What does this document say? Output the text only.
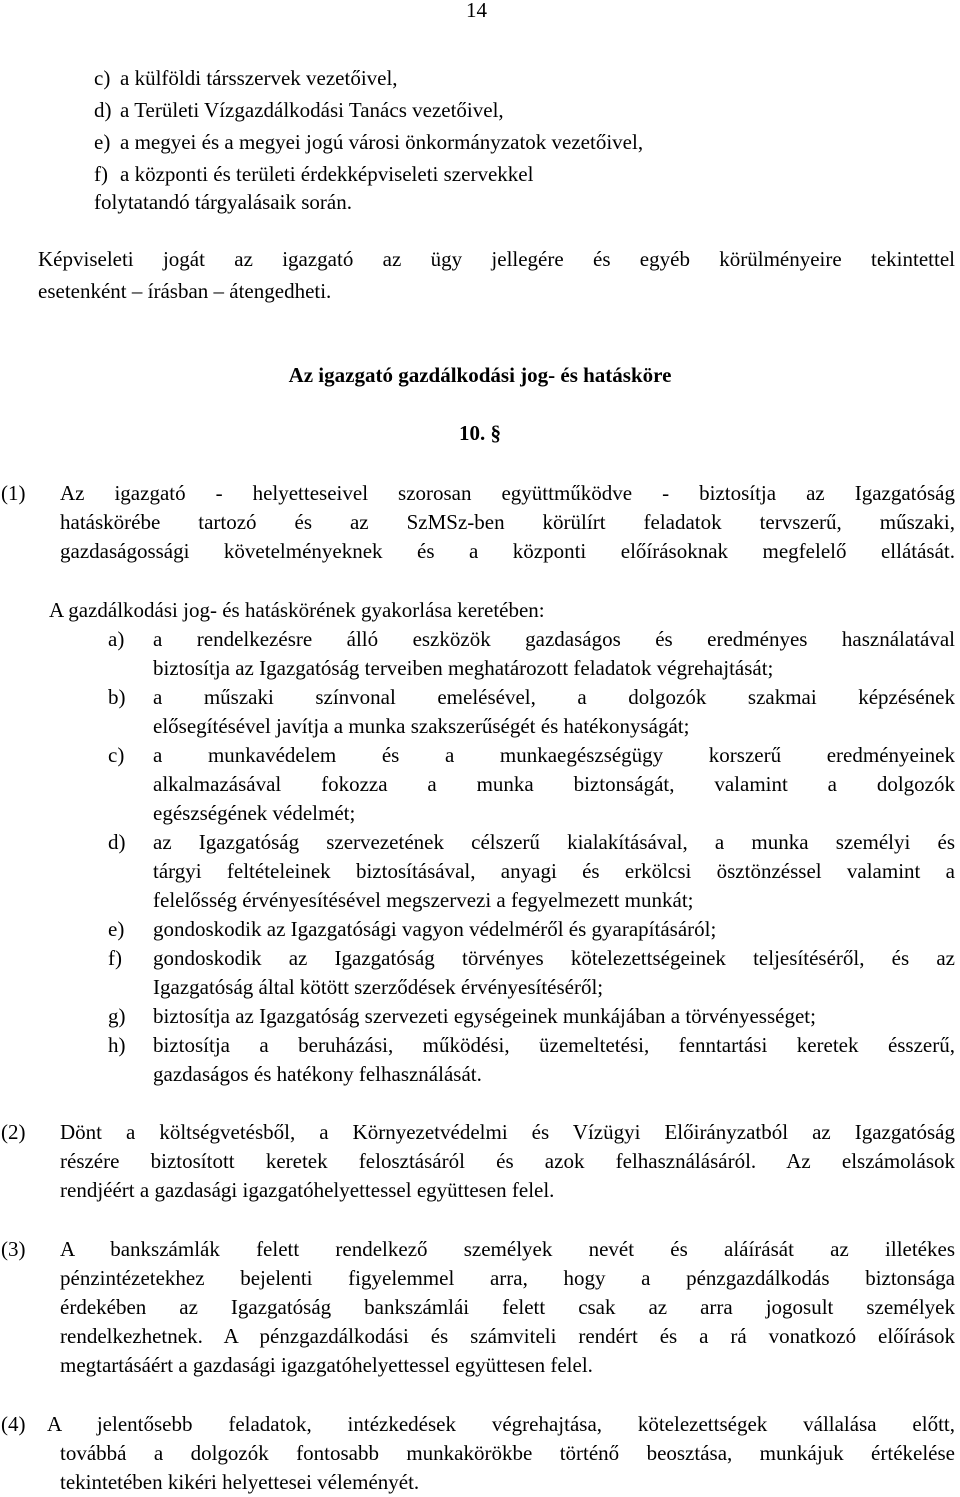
14
c) a külföldi társszervek vezetőivel,
d) a Területi Vízgazdálkodási Tanács vezetőivel,
e) a megyei és a megyei jogú városi önkormányzatok vezetőivel,
f) a központi és területi érdekképviseleti szervekkel
folytatandó tárgyalásaik során.
Képviseleti jogát az igazgató az ügy jellegére és egyéb körülményeire tekintettel
esetenként – írásban – átengedheti.
Az igazgató gazdálkodási jog- és hatásköre
10. §
(1) Az igazgató - helyetteseivel szorosan együttműködve - biztosítja az Igazgatóság
hatáskörébe tartozó és az SzMSz-ben körülírt feladatok tervszerű, műszaki,
gazdaságossági követelményeknek és a központi előírásoknak megfelelő ellátását.
A gazdálkodási jog- és hatáskörének gyakorlása keretében:
a) a rendelkezésre álló eszközök gazdaságos és eredményes használatával
biztosítja az Igazgatóság terveiben meghatározott feladatok végrehajtását;
b) a műszaki színvonal emelésével, a dolgozók szakmai képzésének
elősegítésével javítja a munka szakszerűségét és hatékonyságát;
c) a munkavédelem és a munkaegészségügy korszerű eredményeinek
alkalmazásával fokozza a munka biztonságát, valamint a dolgozók
egészségének védelmét;
d) az Igazgatóság szervezetének célszerű kialakításával, a munka személyi és
tárgyi feltételeinek biztosításával, anyagi és erkölcsi ösztönzéssel valamint a
felelősség érvényesítésével megszervezi a fegyelmezett munkát;
e) gondoskodik az Igazgatósági vagyon védelméről és gyarapításáról;
f) gondoskodik az Igazgatóság törvényes kötelezettségeinek teljesítéséről, és az
Igazgatóság által kötött szerződések érvényesítéséről;
g) biztosítja az Igazgatóság szervezeti egységeinek munkájában a törvényességet;
h) biztosítja a beruházási, működési, üzemeltetési, fenntartási keretek ésszerű,
gazdaságos és hatékony felhasználását.
(2) Dönt a költségvetésből, a Környezetvédelmi és Vízügyi Előirányzatból az Igazgatóság
részére biztosított keretek felosztásáról és azok felhasználásáról. Az elszámolások
rendjéért a gazdasági igazgatóhelyettessel együttesen felel.
(3) A bankszámlák felett rendelkező személyek nevét és aláírását az illetékes
pénzintézetekhez bejelenti figyelemmel arra, hogy a pénzgazdálkodás biztonsága
érdekében az Igazgatóság bankszámlái felett csak az arra jogosult személyek
rendelkezhetnek. A pénzgazdálkodási és számviteli rendért és a rá vonatkozó előírások
megtartásáért a gazdasági igazgatóhelyettessel együttesen felel.
(4) A jelentősebb feladatok, intézkedések végrehajtása, kötelezettségek vállalása előtt,
továbbá a dolgozók fontosabb munkakörökbe történő beosztása, munkájuk értékelése
tekintetében kikéri helyettesei véleményét.
